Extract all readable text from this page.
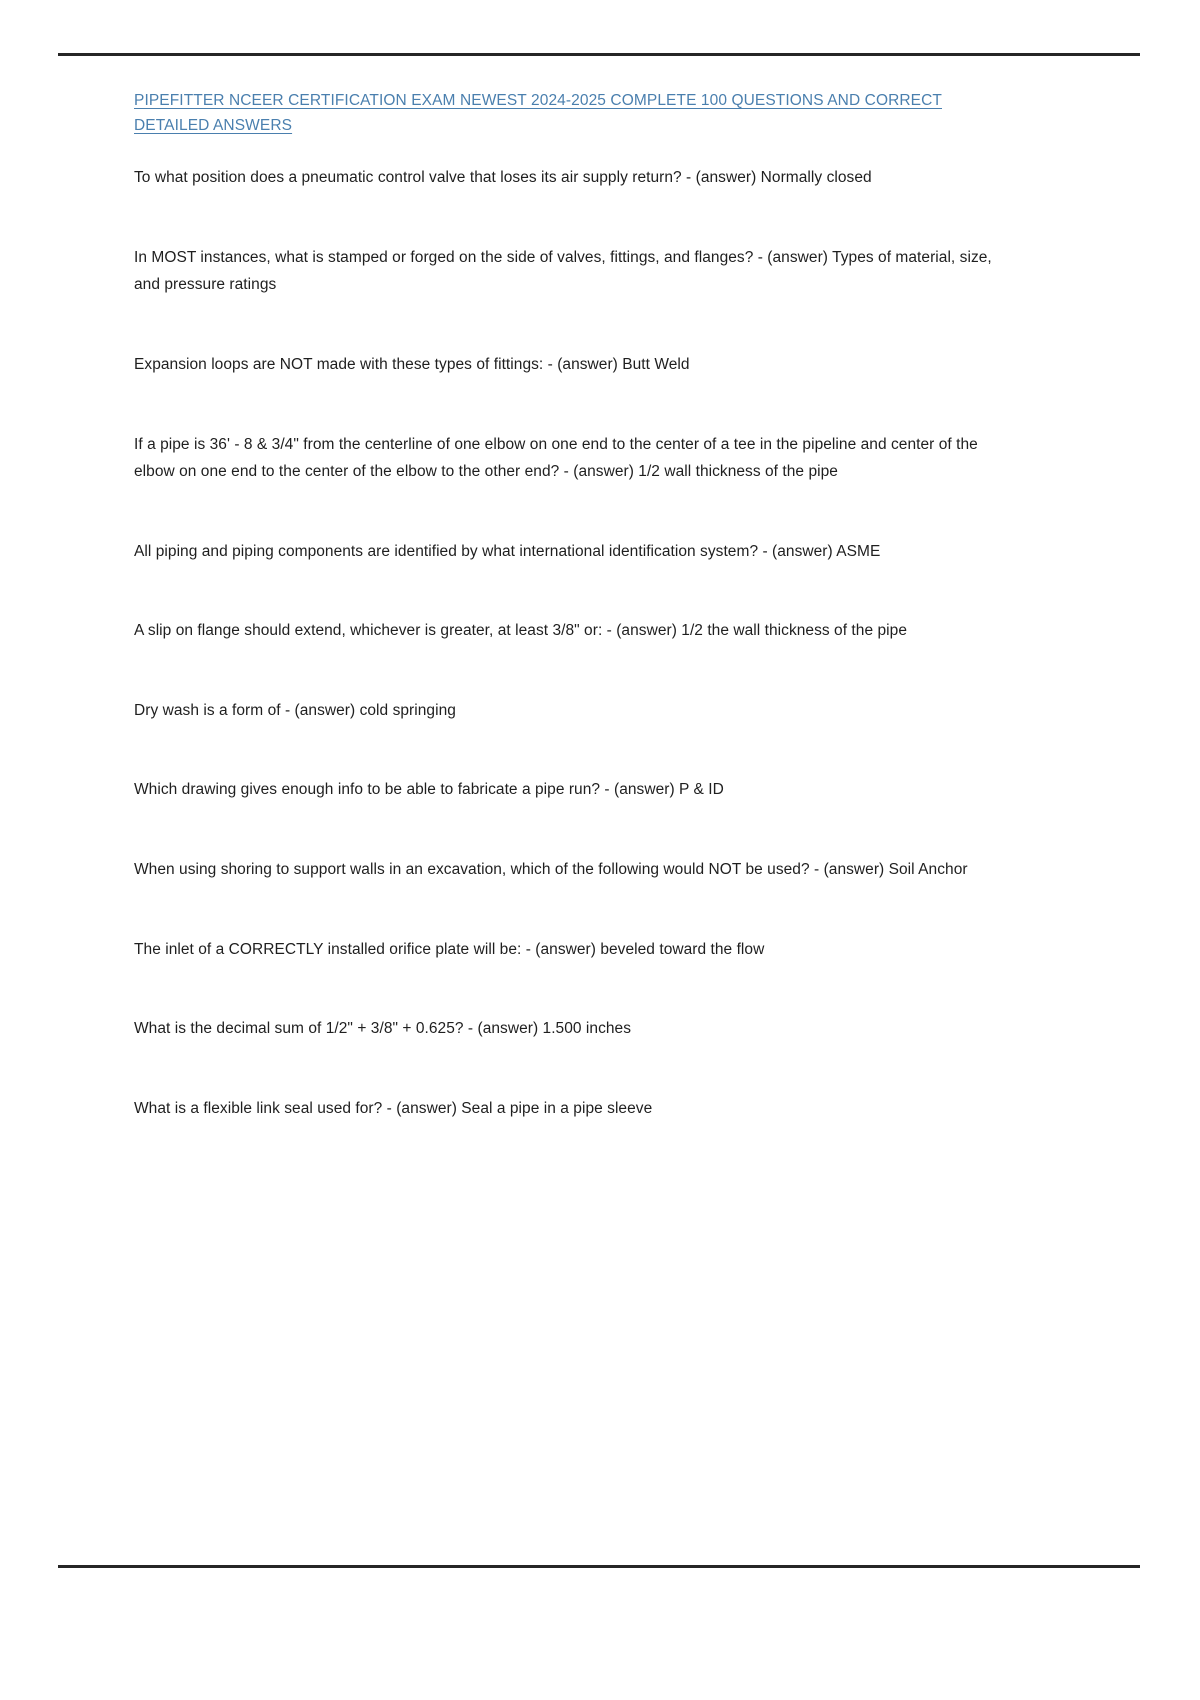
PIPEFITTER NCEER CERTIFICATION EXAM NEWEST 2024-2025 COMPLETE 100 QUESTIONS AND CORRECT DETAILED ANSWERS

To what position does a pneumatic control valve that loses its air supply return? - (answer) Normally closed

In MOST instances, what is stamped or forged on the side of valves, fittings, and flanges? - (answer) Types of material, size, and pressure ratings

Expansion loops are NOT made with these types of fittings: - (answer) Butt Weld

If a pipe is 36' - 8 & 3/4" from the centerline of one elbow on one end to the center of a tee in the pipeline and center of the elbow on one end to the center of the elbow to the other end? - (answer) 1/2 wall thickness of the pipe

All piping and piping components are identified by what international identification system? - (answer) ASME

A slip on flange should extend, whichever is greater, at least 3/8" or: - (answer) 1/2 the wall thickness of the pipe

Dry wash is a form of - (answer) cold springing

Which drawing gives enough info to be able to fabricate a pipe run? - (answer) P & ID

When using shoring to support walls in an excavation, which of the following would NOT be used? - (answer) Soil Anchor

The inlet of a CORRECTLY installed orifice plate will be: - (answer) beveled toward the flow

What is the decimal sum of 1/2" + 3/8" + 0.625? - (answer) 1.500 inches

What is a flexible link seal used for? - (answer) Seal a pipe in a pipe sleeve
